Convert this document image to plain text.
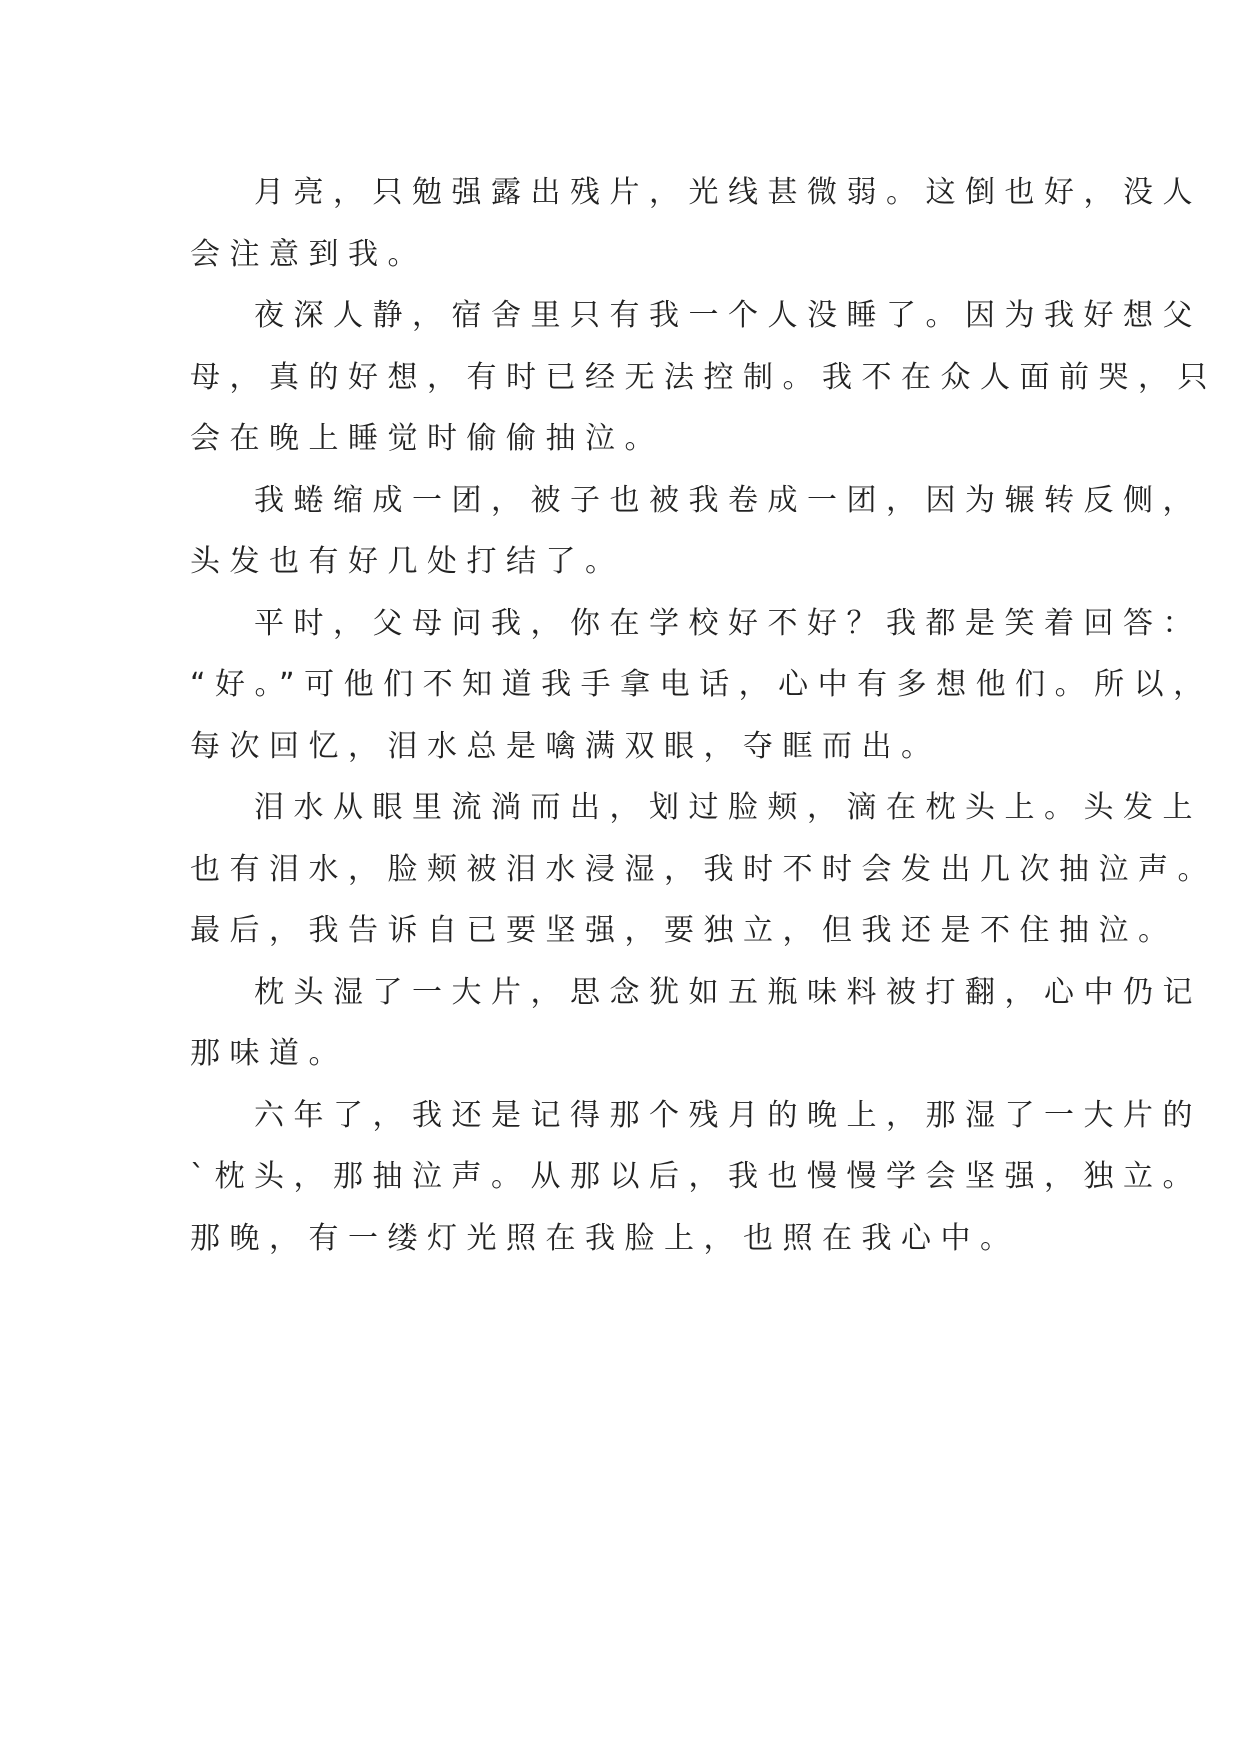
月亮，只勉强露出残片，光线甚微弱。这倒也好，没人
会注意到我。
夜深人静，宿舍里只有我一个人没睡了。因为我好想父
母，真的好想，有时已经无法控制。我不在众人面前哭，只
会在晚上睡觉时偷偷抽泣。
我蜷缩成一团，被子也被我卷成一团，因为辗转反侧，
头发也有好几处打结了。
平时，父母问我，你在学校好不好？我都是笑着回答：
“好。”可他们不知道我手拿电话，心中有多想他们。所以，
每次回忆，泪水总是噙满双眼，夺眶而出。
泪水从眼里流淌而出，划过脸颊，滴在枕头上。头发上
也有泪水，脸颊被泪水浸湿，我时不时会发出几次抽泣声。
最后，我告诉自已要坚强，要独立，但我还是不住抽泣。
枕头湿了一大片，思念犹如五瓶味料被打翻，心中仍记
那味道。
六年了，我还是记得那个残月的晚上，那湿了一大片的
`枕头，那抽泣声。从那以后，我也慢慢学会坚强，独立。
那晚，有一缕灯光照在我脸上，也照在我心中。
